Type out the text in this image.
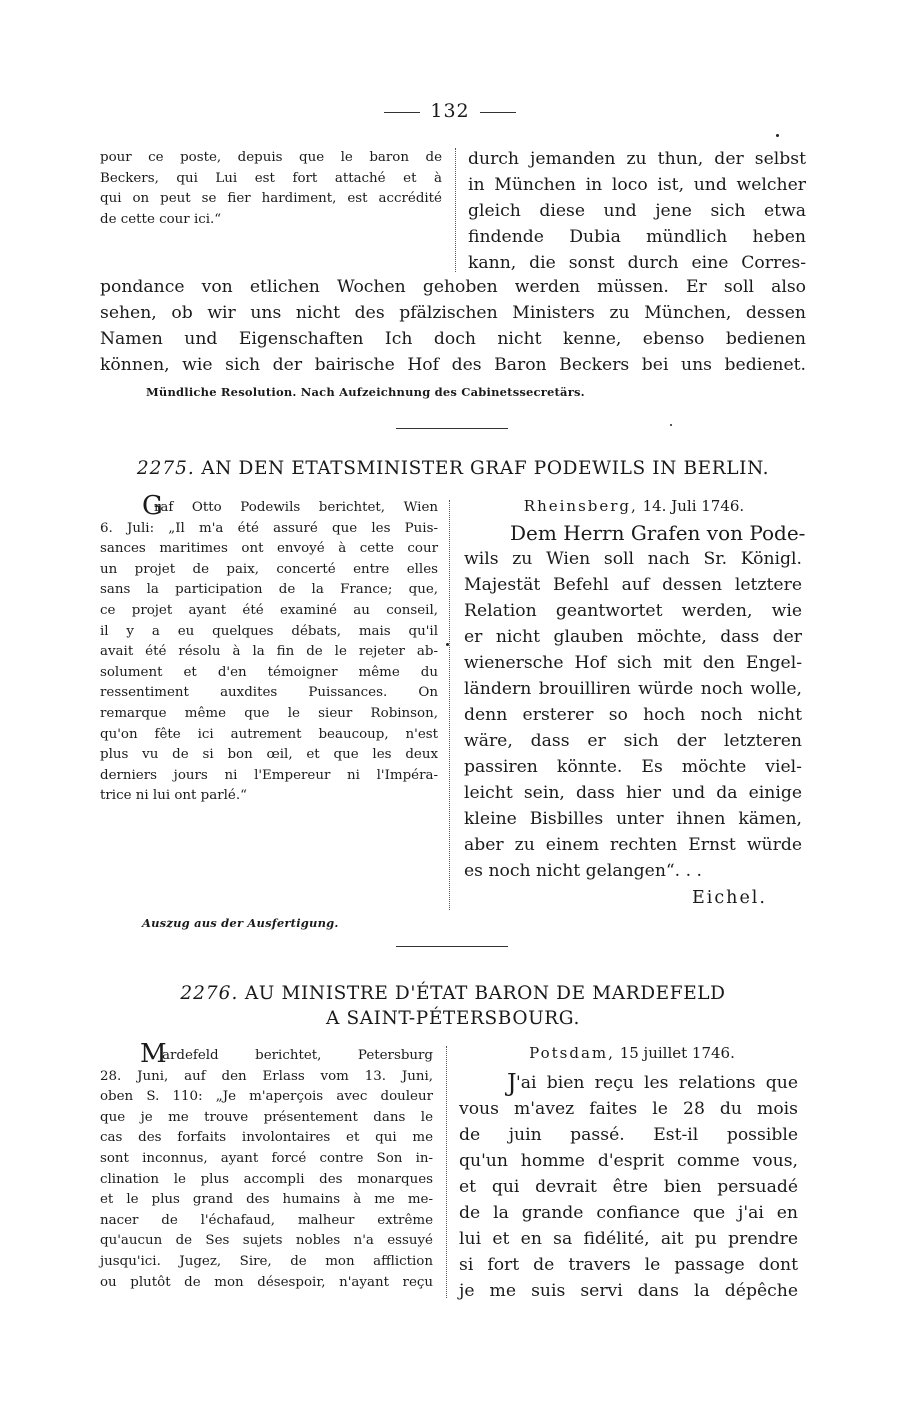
132
pour ce poste, depuis que le baron de
Beckers, qui Lui est fort attaché et à
qui on peut se fier hardiment, est accrédité
de cette cour ici.“
durch jemanden zu thun, der selbst
in München in loco ist, und welcher
gleich diese und jene sich etwa
findende Dubia mündlich heben
kann, die sonst durch eine Corres-
pondance von etlichen Wochen gehoben werden müssen. Er soll also
sehen, ob wir uns nicht des pfälzischen Ministers zu München, dessen
Namen und Eigenschaften Ich doch nicht kenne, ebenso bedienen
können, wie sich der bairische Hof des Baron Beckers bei uns bedienet.
Mündliche Resolution. Nach Aufzeichnung des Cabinetssecretärs.
2275. AN DEN ETATSMINISTER GRAF PODEWILS IN BERLIN.
G
raf Otto Podewils berichtet, Wien
6. Juli: „Il m'a été assuré que les Puis-
sances maritimes ont envoyé à cette cour
un projet de paix, concerté entre elles
sans la participation de la France; que,
ce projet ayant été examiné au conseil,
il y a eu quelques débats, mais qu'il
avait été résolu à la fin de le rejeter ab-
solument et d'en témoigner même du
ressentiment auxdites Puissances. On
remarque même que le sieur Robinson,
qu'on fête ici autrement beaucoup, n'est
plus vu de si bon œil, et que les deux
derniers jours ni l'Empereur ni l'Impéra-
trice ni lui ont parlé.“
Rheinsberg, 14. Juli 1746.
Dem Herrn Grafen von Pode-
wils zu Wien soll nach Sr. Königl.
Majestät Befehl auf dessen letztere
Relation geantwortet werden, wie
er nicht glauben möchte, dass der
wienersche Hof sich mit den Engel-
ländern brouilliren würde noch wolle,
denn ersterer so hoch noch nicht
wäre, dass er sich der letzteren
passiren könnte. Es möchte viel-
leicht sein, dass hier und da einige
kleine Bisbilles unter ihnen kämen,
aber zu einem rechten Ernst würde
es noch nicht gelangen“. . .
Eichel.
Auszug aus der Ausfertigung.
2276. AU MINISTRE D'ÉTAT BARON DE MARDEFELD
A SAINT-PÉTERSBOURG.
M
ardefeld berichtet, Petersburg
28. Juni, auf den Erlass vom 13. Juni,
oben S. 110: „Je m'aperçois avec douleur
que je me trouve présentement dans le
cas des forfaits involontaires et qui me
sont inconnus, ayant forcé contre Son in-
clination le plus accompli des monarques
et le plus grand des humains à me me-
nacer de l'échafaud, malheur extrême
qu'aucun de Ses sujets nobles n'a essuyé
jusqu'ici. Jugez, Sire, de mon affliction
ou plutôt de mon désespoir, n'ayant reçu
Potsdam, 15 juillet 1746.
J 'ai bien reçu les relations que
vous m'avez faites le 28 du mois
de juin passé. Est-il possible
qu'un homme d'esprit comme vous,
et qui devrait être bien persuadé
de la grande confiance que j'ai en
lui et en sa fidélité, ait pu prendre
si fort de travers le passage dont
je me suis servi dans la dépêche
